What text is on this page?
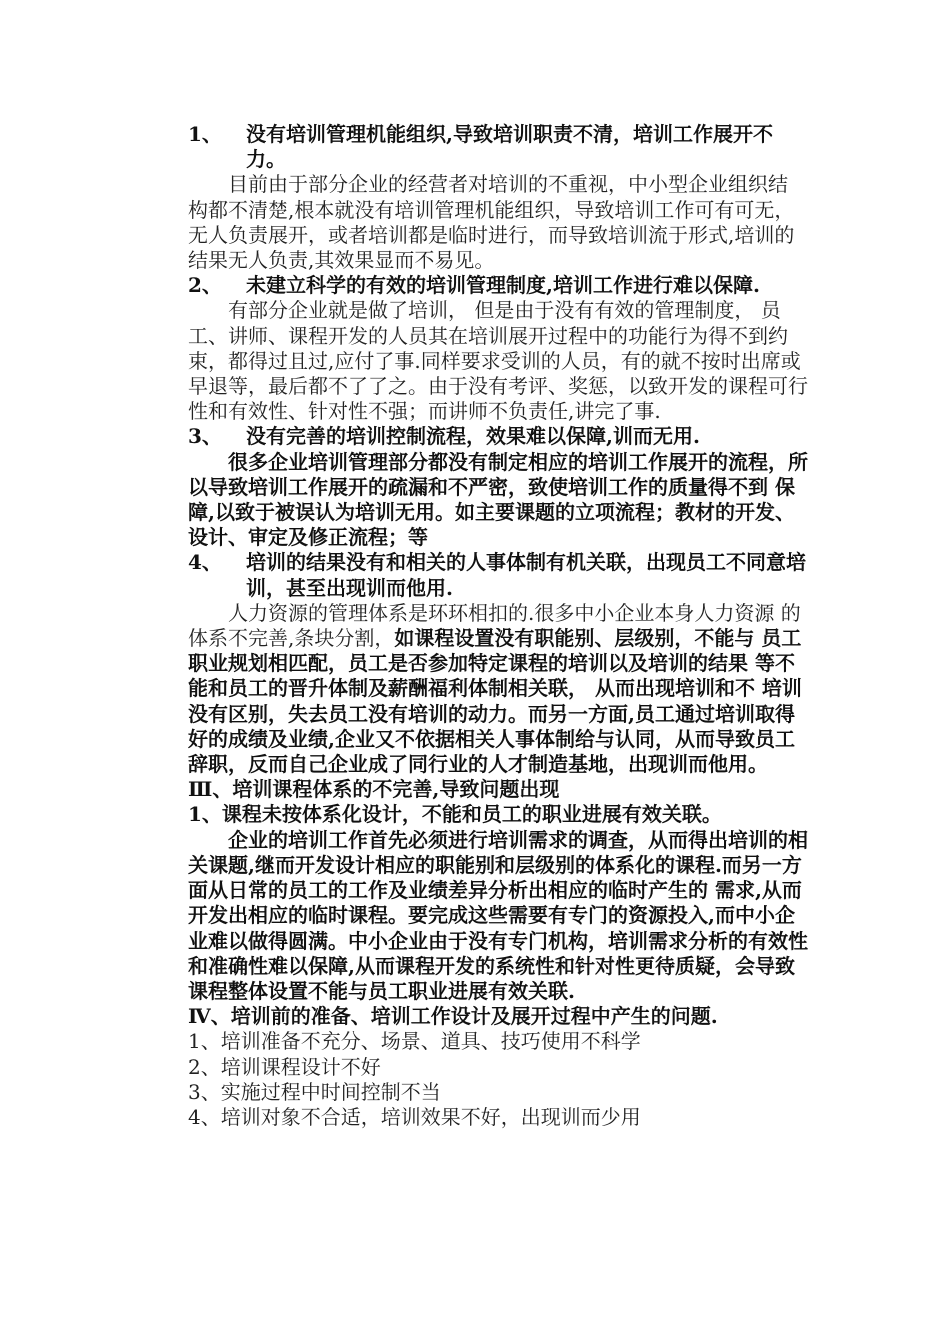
1、	没有培训管理机能组织,导致培训职责不清，培训工作展开不力。

目前由于部分企业的经营者对培训的不重视，中小型企业组织结 构都不清楚,根本就没有培训管理机能组织，导致培训工作可有可无， 无人负责展开，或者培训都是临时进行，而导致培训流于形式,培训的结果无人负责,其效果显而不易见。

2、	未建立科学的有效的培训管理制度,培训工作进行难以保障.

有部分企业就是做了培训， 但是由于没有有效的管理制度， 员工、讲师、课程开发的人员其在培训展开过程中的功能行为得不到约束，都得过且过,应付了事.同样要求受训的人员，有的就不按时出席或早退等，最后都不了了之。由于没有考评、奖惩，以致开发的课程可行性和有效性、针对性不强；而讲师不负责任,讲完了事.

3、	没有完善的培训控制流程，效果难以保障,训而无用.

很多企业培训管理部分都没有制定相应的培训工作展开的流程，所以导致培训工作展开的疏漏和不严密，致使培训工作的质量得不到 保障,以致于被误认为培训无用。如主要课题的立项流程；教材的开发、设计、审定及修正流程；等

4、	培训的结果没有和相关的人事体制有机关联，出现员工不同意培训，甚至出现训而他用.

人力资源的管理体系是环环相扣的.很多中小企业本身人力资源 的体系不完善,条块分割，如课程设置没有职能别、层级别，不能与 员工职业规划相匹配，员工是否参加特定课程的培训以及培训的结果 等不能和员工的晋升体制及薪酬福利体制相关联， 从而出现培训和不 培训没有区别，失去员工没有培训的动力。而另一方面,员工通过培训取得好的成绩及业绩,企业又不依据相关人事体制给与认同，从而导致员工辞职，反而自己企业成了同行业的人才制造基地，出现训而他用。

Ⅲ、培训课程体系的不完善,导致问题出现

1、课程未按体系化设计，不能和员工的职业进展有效关联。

企业的培训工作首先必须进行培训需求的调查，从而得出培训的相关课题,继而开发设计相应的职能别和层级别的体系化的课程.而另一方面从日常的员工的工作及业绩差异分析出相应的临时产生的 需求,从而开发出相应的临时课程。要完成这些需要有专门的资源投入,而中小企业难以做得圆满。中小企业由于没有专门机构，培训需求分析的有效性和准确性难以保障,从而课程开发的系统性和针对性更待质疑，会导致课程整体设置不能与员工职业进展有效关联.

Ⅳ、培训前的准备、培训工作设计及展开过程中产生的问题.

1、培训准备不充分、场景、道具、技巧使用不科学

2、培训课程设计不好

3、实施过程中时间控制不当

4、培训对象不合适，培训效果不好，出现训而少用
